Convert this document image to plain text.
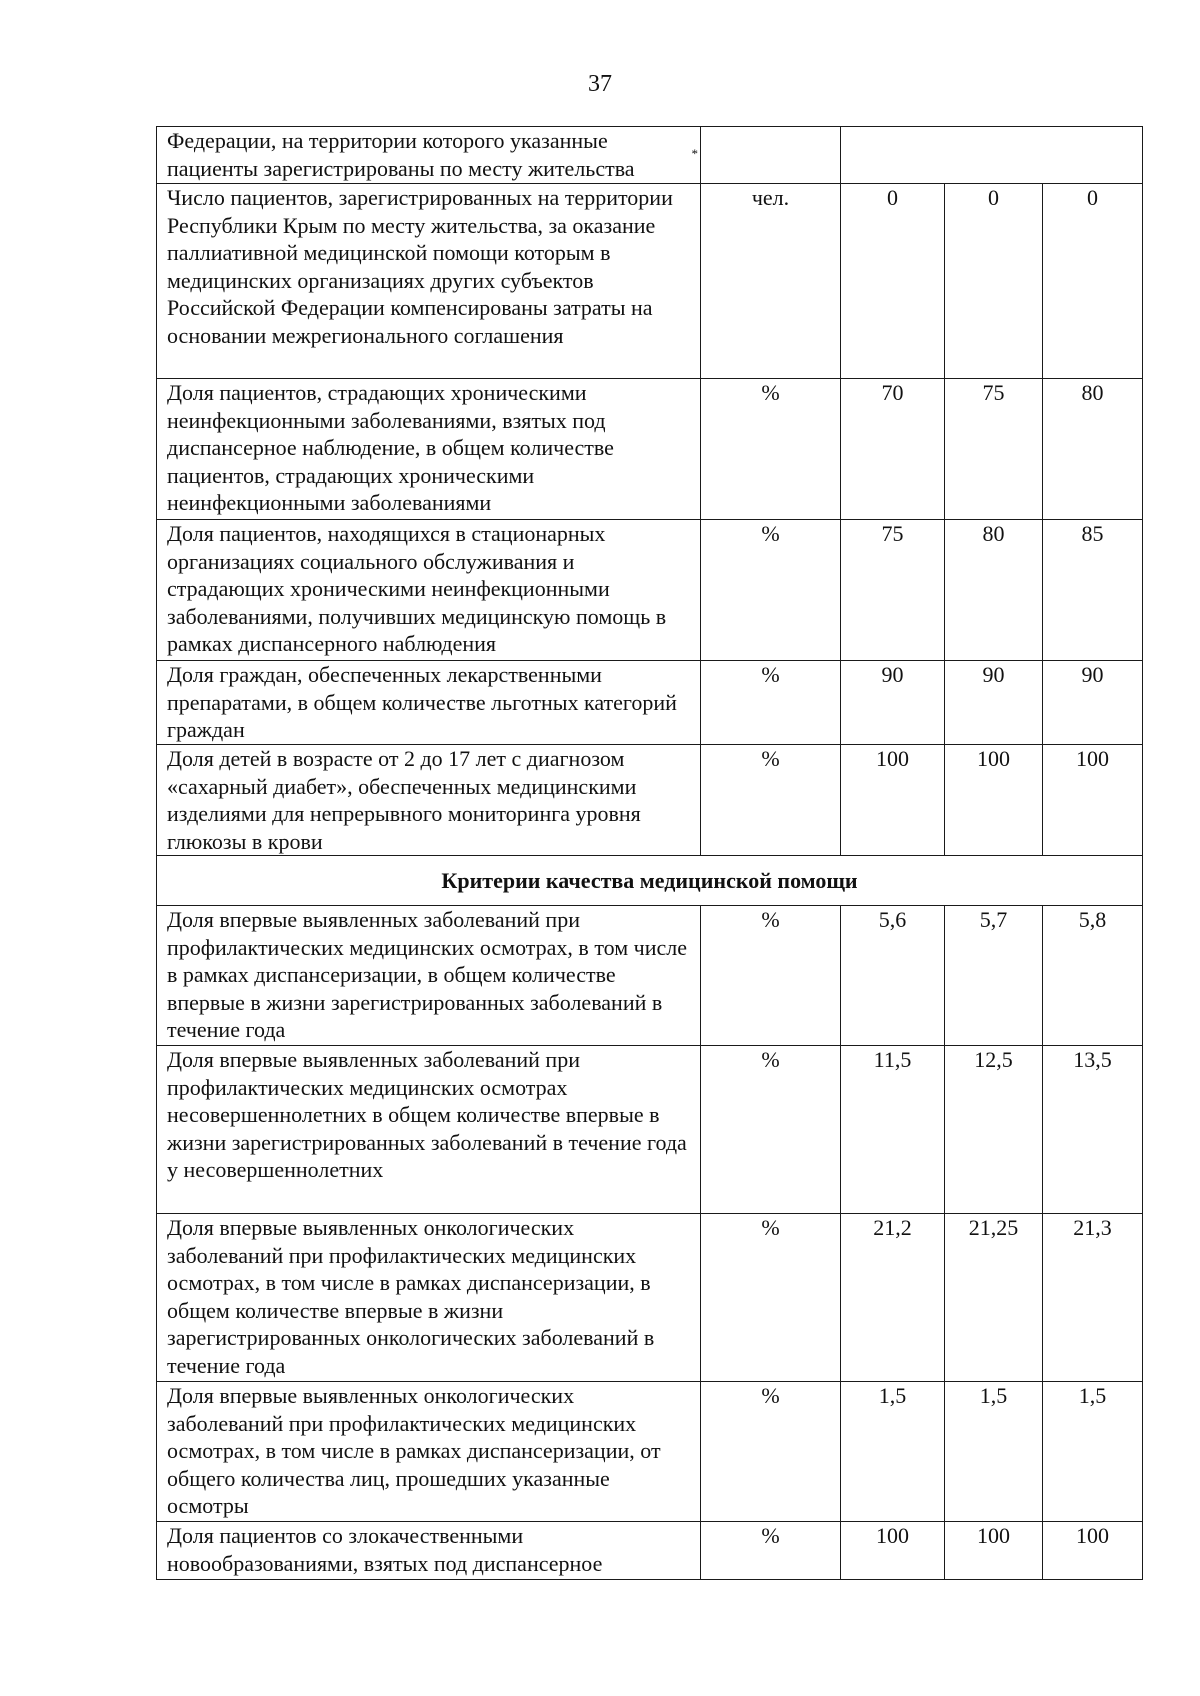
37
Федерации, на территории которого указанные пациенты зарегистрированы по месту жительства
*				

Число пациентов, зарегистрированных на территории Республики Крым по месту жительства, за оказание паллиативной медицинской помощи которым в медицинских организациях других субъектов Российской Федерации компенсированы затраты на основании межрегионального соглашения	чел.	0	0	0
Доля пациентов, страдающих хроническими неинфекционными заболеваниями, взятых под диспансерное наблюдение, в общем количестве пациентов, страдающих хроническими неинфекционными заболеваниями	%	70	75	80
Доля пациентов, находящихся в стационарных организациях социального обслуживания и страдающих хроническими неинфекционными заболеваниями, получивших медицинскую помощь в рамках диспансерного наблюдения	%	75	80	85
Доля граждан, обеспеченных лекарственными препаратами, в общем количестве льготных категорий граждан	%	90	90	90
Доля детей в возрасте от 2 до 17 лет с диагнозом «сахарный диабет», обеспеченных медицинскими изделиями для непрерывного мониторинга уровня глюкозы в крови	%	100	100	100
Критерии качества медицинской помощи				
Доля впервые выявленных заболеваний при профилактических медицинских осмотрах, в том числе в рамках диспансеризации, в общем количестве впервые в жизни зарегистрированных заболеваний в течение года	%	5,6	5,7	5,8
Доля впервые выявленных заболеваний при профилактических медицинских осмотрах несовершеннолетних в общем количестве впервые в жизни зарегистрированных заболеваний в течение года у несовершеннолетних	%	11,5	12,5	13,5
Доля впервые выявленных онкологических заболеваний при профилактических медицинских осмотрах, в том числе в рамках диспансеризации, в общем количестве впервые в жизни зарегистрированных онкологических заболеваний в течение года	%	21,2	21,25	21,3
Доля впервые выявленных онкологических заболеваний при профилактических медицинских осмотрах, в том числе в рамках диспансеризации, от общего количества лиц, прошедших указанные осмотры	%	1,5	1,5	1,5
Доля пациентов со злокачественными новообразованиями, взятых под диспансерное	%	100	100	100
